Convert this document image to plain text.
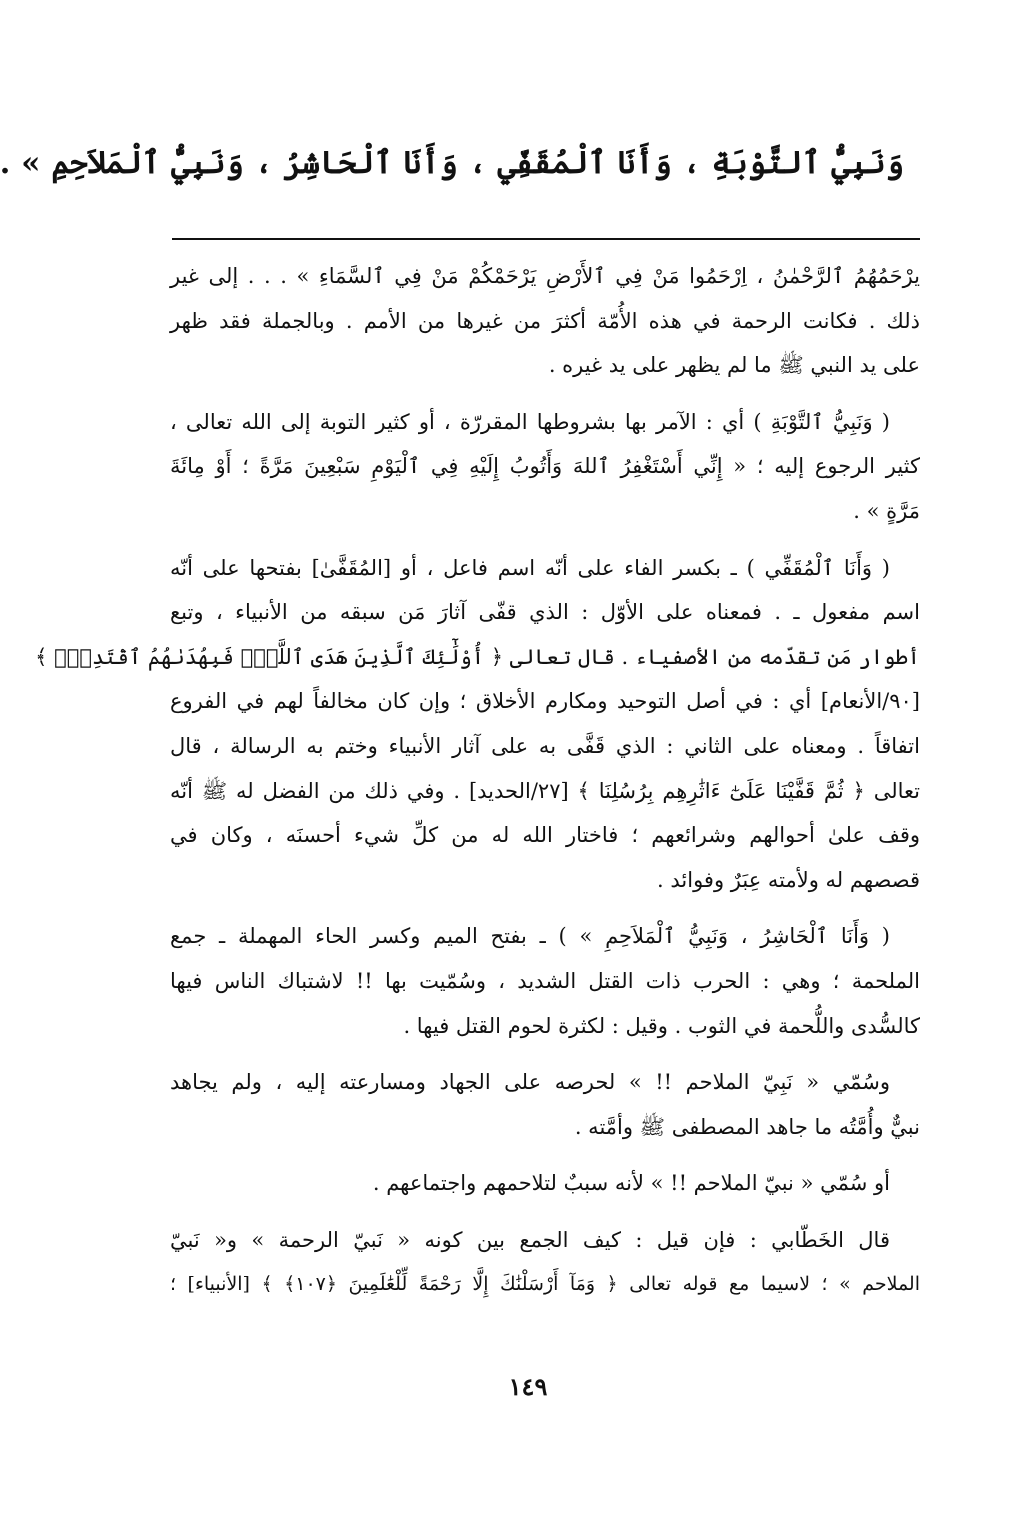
وَنَبِيُّ ٱلتَّوْبَةِ ، وَأَنَا ٱلْمُقَفِّي ، وَأَنَا ٱلْحَاشِرُ ، وَنَبِيُّ ٱلْمَلاَحِمِ » .

يرْحَمُهُمُ ٱلرَّحْمٰنُ ، اِرْحَمُوا مَنْ فِي ٱلأَرْضِ يَرْحَمْكُمْ مَنْ فِي ٱلسَّمَاءِ » . . . إلى غير
ذلك . فكانت الرحمة في هذه الأُمّة أكثرَ من غيرها من الأمم . وبالجملة فقد ظهر
على يد النبي ﷺ ما لم يظهر على يد غيره .

( وَنَبِيُّ ٱلتَّوْبَةِ ) أي : الآمر بها بشروطها المقررّة ، أو كثير التوبة إلى الله تعالى ،
كثير الرجوع إليه ؛ « إِنِّي أَسْتَغْفِرُ ٱللهَ وَأَتُوبُ إِلَيْهِ فِي ٱلْيَوْمِ سَبْعِينَ مَرَّةً ؛ أَوْ مِائَةَ
مَرَّةٍ » .

( وَأَنَا ٱلْمُقَفِّي ) ـ بكسر الفاء على أنّه اسم فاعل ، أو [المُقَفَّىٰ] بفتحها على أنّه
اسم مفعول ـ . فمعناه على الأوّل : الذي قفّى آثارَ مَن سبقه من الأنبياء ، وتبع
أطوار مَن تقدّمه من الأصفياء . قال تعالى ﴿ أُوْلَٰٓئِكَ ٱلَّذِينَ هَدَى ٱللَّهُۖ فَبِهُدَىٰهُمُ ٱقْتَدِهْۗ ﴾
[٩٠/الأنعام] أي : في أصل التوحيد ومكارم الأخلاق ؛ وإن كان مخالفاً لهم في الفروع
اتفاقاً . ومعناه على الثاني : الذي قَفَّى به على آثار الأنبياء وختم به الرسالة ، قال
تعالى ﴿ ثُمَّ قَفَّيْنَا عَلَىٰٓ ءَاثَٰرِهِم بِرُسُلِنَا ﴾ [٢٧/الحديد] . وفي ذلك من الفضل له ﷺ أنّه
وقف علىٰ أحوالهم وشرائعهم ؛ فاختار الله له من كلِّ شيء أحسنَه ، وكان في
قصصهم له ولأمته عِبَرٌ وفوائد .

( وَأَنَا ٱلْحَاشِرُ ، وَنَبِيُّ ٱلْمَلاَحِمِ » ) ـ بفتح الميم وكسر الحاء المهملة ـ جمع
الملحمة ؛ وهي : الحرب ذات القتل الشديد ، وسُمّيت بها !! لاشتباك الناس فيها
كالسُّدى واللُّحمة في الثوب . وقيل : لكثرة لحوم القتل فيها .

وسُمّي « نَبِيّ الملاحم !! » لحرصه على الجهاد ومسارعته إليه ، ولم يجاهد
نبيٌّ وأُمَّتُه ما جاهد المصطفى ﷺ وأمَّته .

أو سُمّي « نبيّ الملاحم !! » لأنه سببٌ لتلاحمهم واجتماعهم .

قال الخَطّابي : فإن قيل : كيف الجمع بين كونه « نَبيّ الرحمة » و« نَبيّ
الملاحم » ؛ لاسيما مع قوله تعالى ﴿ وَمَآ أَرْسَلْنَٰكَ إِلَّا رَحْمَةً لِّلْعَٰلَمِينَ ﴿١٠٧﴾ ﴾ [الأنبياء] ؛

١٤٩
